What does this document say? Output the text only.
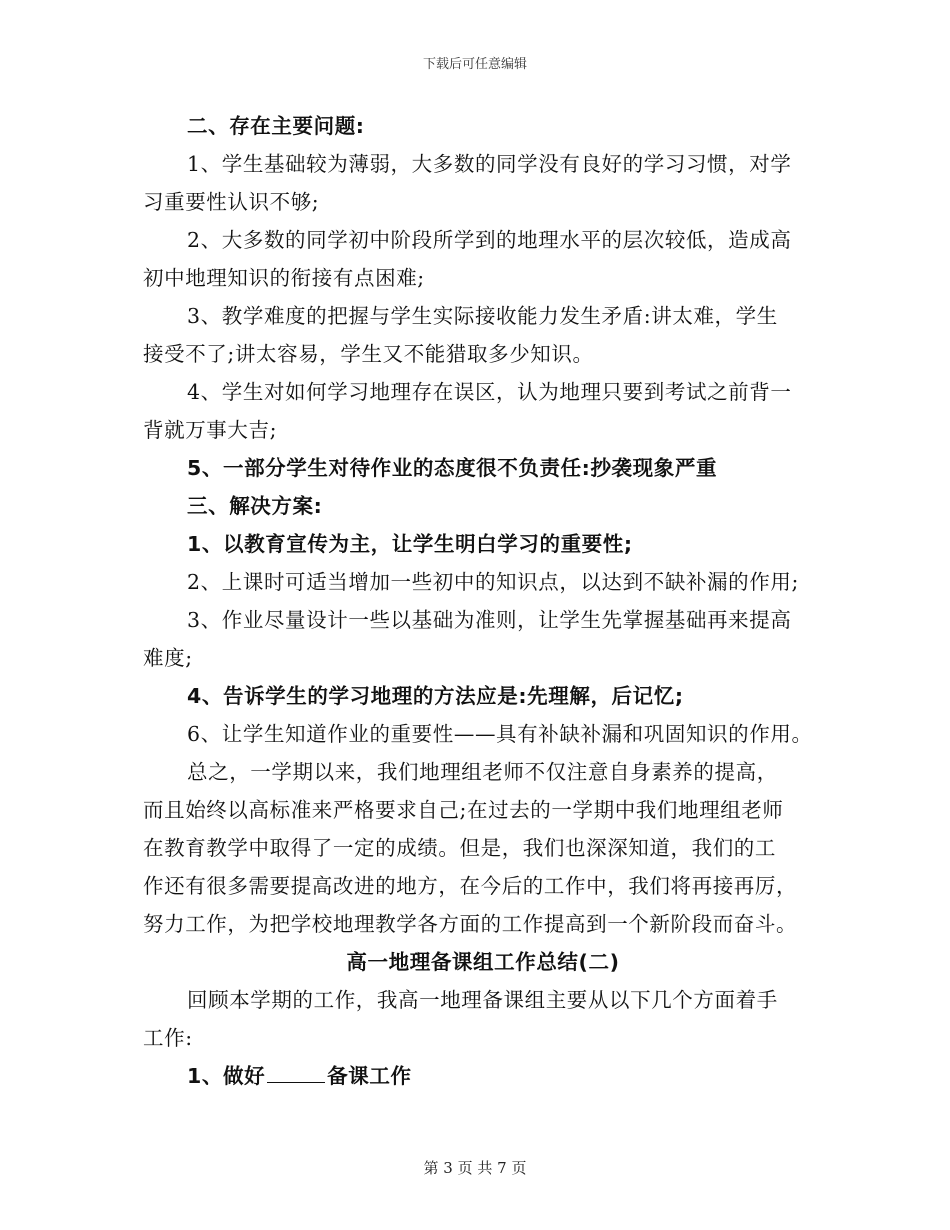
下载后可任意编辑
二、存在主要问题:
1、学生基础较为薄弱，大多数的同学没有良好的学习习惯，对学
习重要性认识不够;
2、大多数的同学初中阶段所学到的地理水平的层次较低，造成高
初中地理知识的衔接有点困难;
3、教学难度的把握与学生实际接收能力发生矛盾:讲太难，学生
接受不了;讲太容易，学生又不能猎取多少知识。
4、学生对如何学习地理存在误区，认为地理只要到考试之前背一
背就万事大吉;
5、一部分学生对待作业的态度很不负责任:抄袭现象严重
三、解决方案:
1、以教育宣传为主，让学生明白学习的重要性;
2、上课时可适当增加一些初中的知识点，以达到不缺补漏的作用;
3、作业尽量设计一些以基础为准则，让学生先掌握基础再来提高
难度;
4、告诉学生的学习地理的方法应是:先理解，后记忆;
6、让学生知道作业的重要性——具有补缺补漏和巩固知识的作用。
总之，一学期以来，我们地理组老师不仅注意自身素养的提高，
而且始终以高标准来严格要求自己;在过去的一学期中我们地理组老师
在教育教学中取得了一定的成绩。但是，我们也深深知道，我们的工
作还有很多需要提高改进的地方，在今后的工作中，我们将再接再厉，
努力工作，为把学校地理教学各方面的工作提高到一个新阶段而奋斗。
高一地理备课组工作总结(二)
回顾本学期的工作，我高一地理备课组主要从以下几个方面着手
工作:
1、做好	备课工作
第 3 页 共 7 页
